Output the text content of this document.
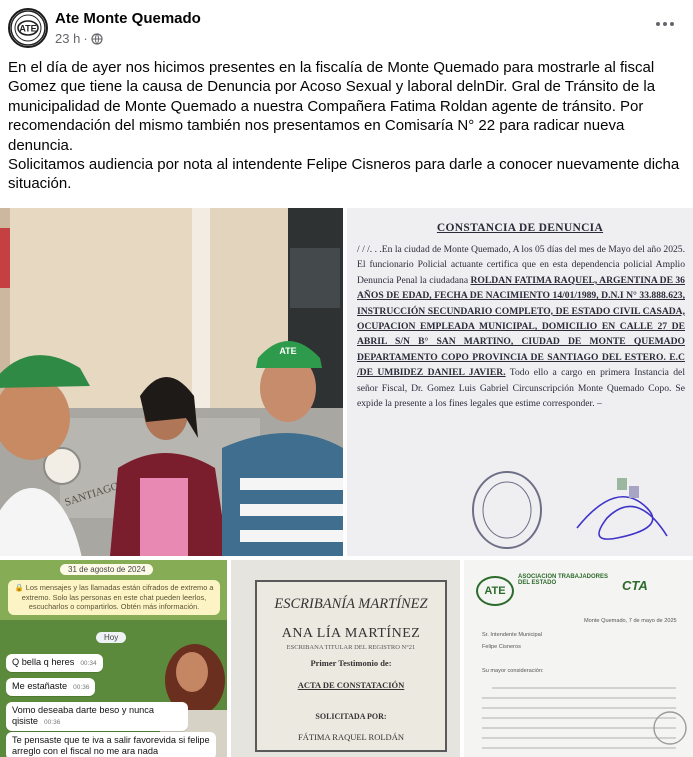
ATE
Ate Monte Quemado
23 h ·

En el día de ayer nos hicimos presentes en la fiscalía de Monte Quemado para mostrarle al fiscal Gomez que tiene la causa de Denuncia por Acoso Sexual y laboral delnDir. Gral de Tránsito de la municipalidad de Monte Quemado a nuestra Compañera Fatima Roldan agente de tránsito. Por recomendación del mismo también nos presentamos en Comisaría N° 22 para radicar nueva denuncia.

Solicitamos audiencia por nota al intendente Felipe Cisneros para darle a conocer nuevamente dicha situación.

SANTIAGO
ATE
CONSTANCIA DE DENUNCIA
/ / /. . .En la ciudad de Monte Quemado, A los 05 días del mes de Mayo del año 2025. El funcionario Policial actuante certifica que en esta dependencia policial Amplio Denuncia Penal la ciudadana ROLDAN FATIMA RAQUEL, ARGENTINA DE 36 AÑOS DE EDAD, FECHA DE NACIMIENTO 14/01/1989, D.N.I N° 33.888.623, INSTRUCCIÓN SECUNDARIO COMPLETO, DE ESTADO CIVIL CASADA, OCUPACION EMPLEADA MUNICIPAL, DOMICILIO EN CALLE 27 DE ABRIL S/N B° SAN MARTINO, CIUDAD DE MONTE QUEMADO DEPARTAMENTO COPO PROVINCIA DE SANTIAGO DEL ESTERO. E.C /DE UMBIDEZ DANIEL JAVIER. Todo ello a cargo en primera Instancia del señor Fiscal, Dr. Gomez Luis Gabriel Circunscripción Monte Quemado Copo. Se expide la presente a los fines legales que estime corresponder. –
31 de agosto de 2024
🔒 Los mensajes y las llamadas están cifrados de extremo a extremo. Solo las personas en este chat pueden leerlos, escucharlos o compartirlos. Obtén más información.
Hoy
Q bella q heres 00:34
Me estañaste 00:36
Vomo deseaba darte beso y nunca qisiste 00:36
Te pensaste que te iva a salir favorevida si felipe arreglo con el fiscal no me ara nada
ESCRIBANÍA MARTÍNEZ
ANA LÍA MARTÍNEZ
ESCRIBANA TITULAR DEL REGISTRO N°21
Primer Testimonio de:
ACTA DE CONSTATACIÓN
SOLICITADA POR:
FÁTIMA RAQUEL ROLDÁN
ATE
ASOCIACION TRABAJADORES DEL ESTADO	CTA
Monte Quemado, 7 de mayo de 2025
Sr. Intendente Municipal
Felipe Cisneros
Su mayor consideración:
